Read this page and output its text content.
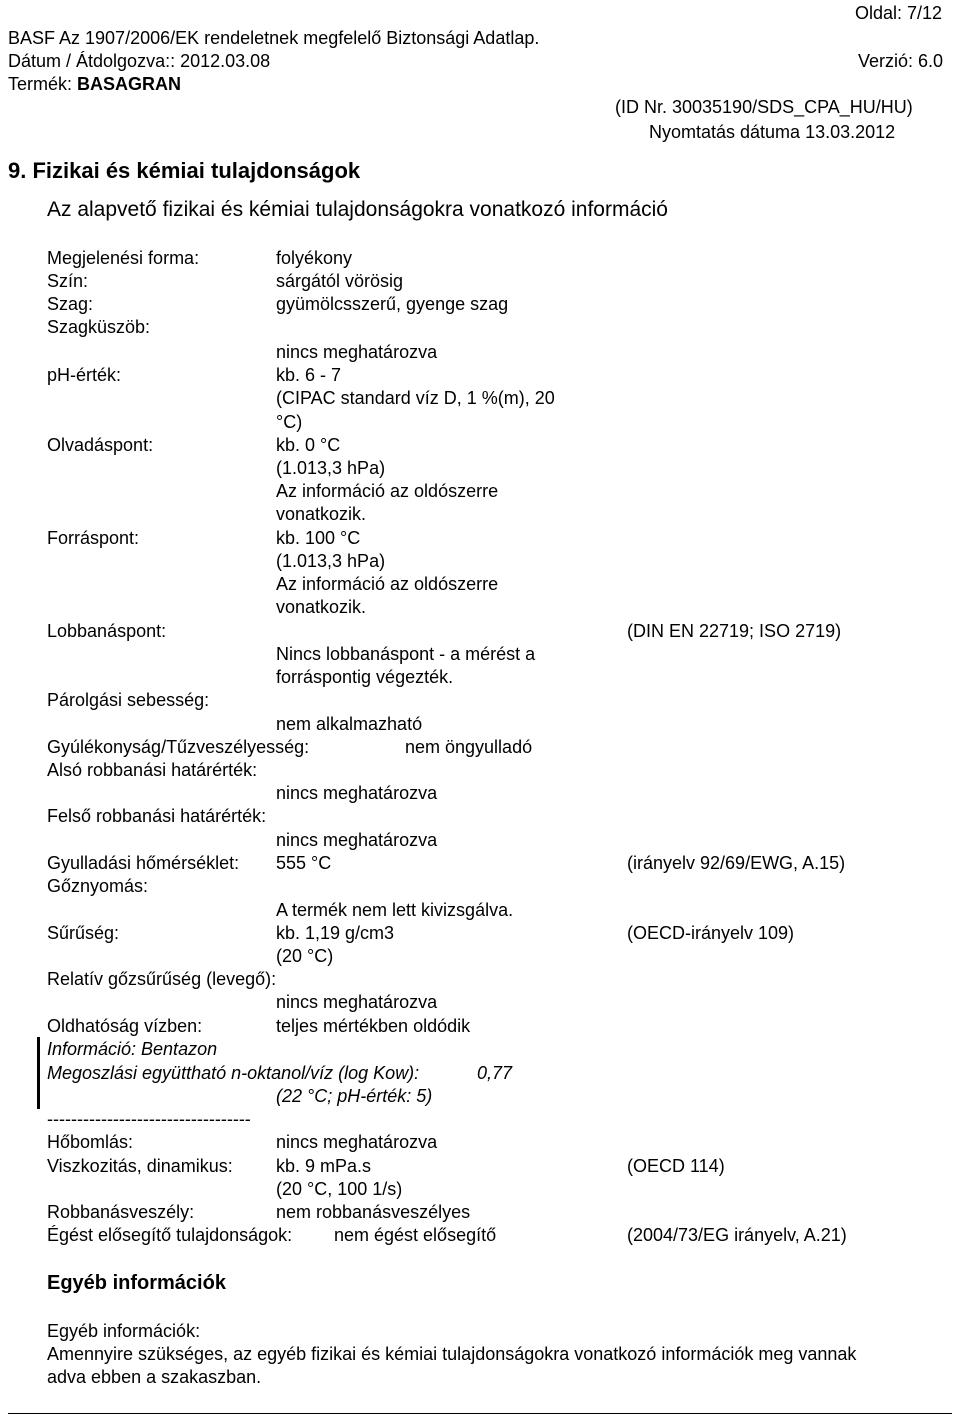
Oldal: 7/12
BASF Az 1907/2006/EK rendeletnek megfelelő Biztonsági Adatlap.
Dátum / Átdolgozva:: 2012.03.08	Verzió: 6.0
Termék: BASAGRAN
(ID Nr. 30035190/SDS_CPA_HU/HU)
Nyomtatás dátuma 13.03.2012
9. Fizikai és kémiai tulajdonságok
Az alapvető fizikai és kémiai tulajdonságokra vonatkozó információ
Megjelenési forma:	folyékony
Szín:	sárgától vörösig
Szag:	gyümölcsszerű, gyenge szag
Szagküszöb:
nincs meghatározva
pH-érték:	kb. 6 - 7
(CIPAC standard víz D, 1 %(m), 20
°C)
Olvadáspont:	kb. 0 °C
(1.013,3 hPa)
Az információ az oldószerre
vonatkozik.
Forráspont:	kb. 100 °C
(1.013,3 hPa)
Az információ az oldószerre
vonatkozik.
Lobbanáspont:	(DIN EN 22719; ISO 2719)
Nincs lobbanáspont - a mérést a
forráspontig végezték.
Párolgási sebesség:
nem alkalmazható
Gyúlékonyság/Tűzveszélyesség:	nem öngyulladó
Alsó robbanási határérték:
nincs meghatározva
Felső robbanási határérték:
nincs meghatározva
Gyulladási hőmérséklet: 555 °C	(irányelv 92/69/EWG, A.15)
Gőznyomás:
A termék nem lett kivizsgálva.
Sűrűség:	kb. 1,19 g/cm3	(OECD-irányelv 109)
(20 °C)
Relatív gőzsűrűség (levegő):
nincs meghatározva
Oldhatóság vízben:	teljes mértékben oldódik
Információ: Bentazon
Megoszlási együttható n-oktanol/víz (log Kow):	0,77
(22 °C; pH-érték: 5)
----------------------------------
Hőbomlás:	nincs meghatározva
Viszkozitás, dinamikus: kb. 9 mPa.s	(OECD 114)
(20 °C, 100 1/s)
Robbanásveszély:	nem robbanásveszélyes
Égést elősegítő tulajdonságok: nem égést elősegítő	(2004/73/EG irányelv, A.21)
Egyéb információk
Egyéb információk:
Amennyire szükséges, az egyéb fizikai és kémiai tulajdonságokra vonatkozó információk meg vannak
adva ebben a szakaszban.
